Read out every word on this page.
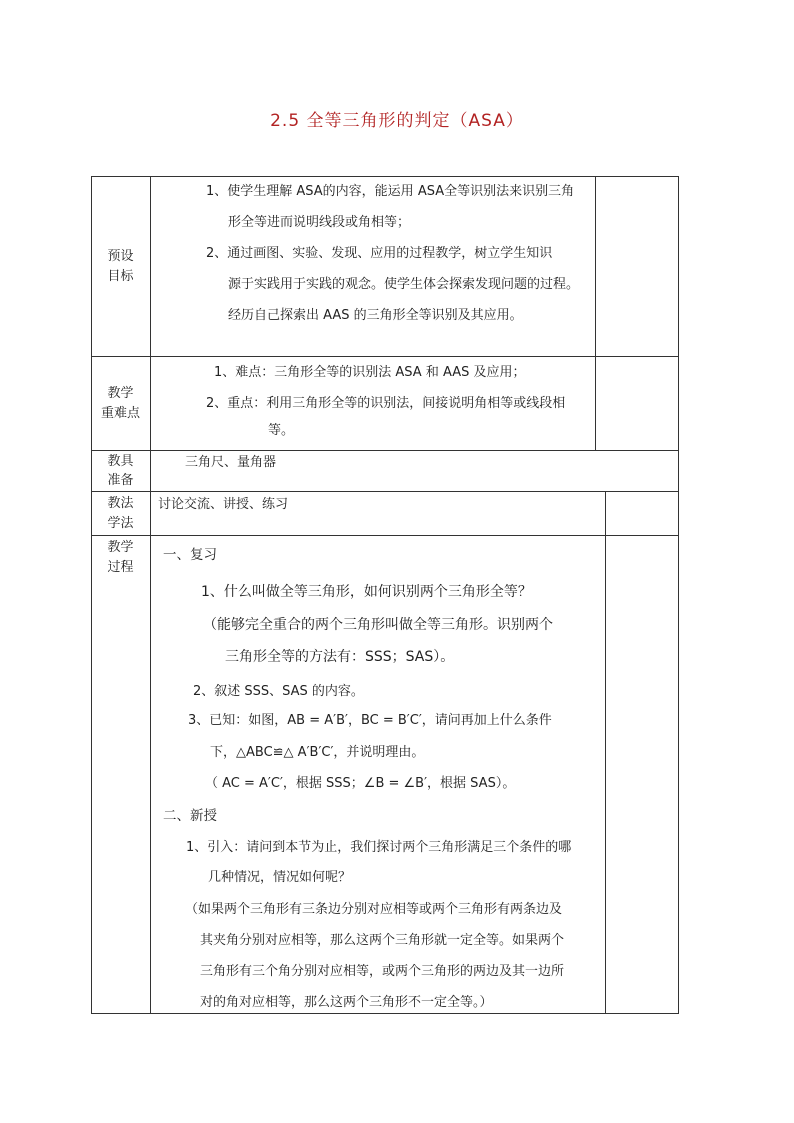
2.5 全等三角形的判定（ASA）
预设
目标

1、使学生理解 ASA的内容，能运用 ASA全等识别法来识别三角

形全等进而说明线段或角相等；

2、通过画图、实验、发现、应用的过程教学，树立学生知识

源于实践用于实践的观念。使学生体会探索发现问题的过程。

经历自己探索出 AAS 的三角形全等识别及其应用。

教学
重难点

1、难点：三角形全等的识别法 ASA 和 AAS 及应用；

2、重点：利用三角形全等的识别法，间接说明角相等或线段相

等。

教具
准备
三角尺、量角器
教法
学法
讨论交流、讲授、练习
教学
过程

一、复习

1、什么叫做全等三角形，如何识别两个三角形全等？

（能够完全重合的两个三角形叫做全等三角形。识别两个

三角形全等的方法有：SSS；SAS）。

2、叙述 SSS、SAS 的内容。

3、已知：如图，AB = A′B′，BC = B′C′，请问再加上什么条件

下，△ABC≌△ A′B′C′，并说明理由。

（ AC = A′C′，根据 SSS；∠B = ∠B′，根据 SAS）。

二、新授

1、引入：请问到本节为止，我们探讨两个三角形满足三个条件的哪

几种情况，情况如何呢？

（如果两个三角形有三条边分别对应相等或两个三角形有两条边及

其夹角分别对应相等，那么这两个三角形就一定全等。如果两个

三角形有三个角分别对应相等，或两个三角形的两边及其一边所

对的角对应相等，那么这两个三角形不一定全等。）
